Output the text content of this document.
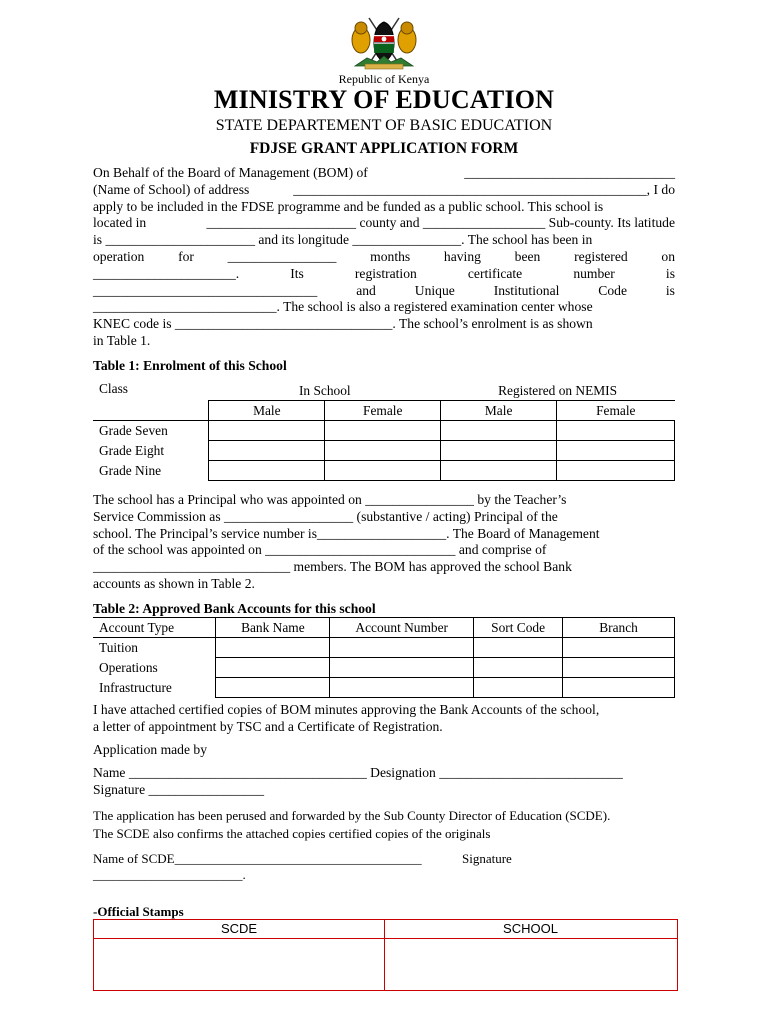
Republic of Kenya
MINISTRY OF EDUCATION
STATE DEPARTEMENT OF BASIC EDUCATION
FDJSE GRANT APPLICATION FORM
On Behalf of the Board of Management (BOM) of	_______________________________
(Name of School) of address	____________________________________________________, I do
apply to be included in the FDSE programme and be funded as a public school. This school is
located in	______________________ county and __________________ Sub-county. Its latitude
is ______________________ and its longitude ________________. The school has been in
operation for ________________ months having been registered on
_____________________.	Its	registration	certificate	number	is
_________________________________	and	Unique	Institutional	Code	is
___________________________. The school is also a registered examination center whose
KNEC code is ________________________________. The school’s enrolment is as shown
in Table 1.
Table 1: Enrolment of this School
Class	In School		Registered on NEMIS	
	Male	Female	Male	Female
Grade Seven				
Grade Eight				
Grade Nine				
The school has a Principal who was appointed on ________________ by the Teacher’s
Service Commission as ___________________ (substantive / acting) Principal of the
school. The Principal’s service number is___________________. The Board of Management
of the school was appointed on ____________________________ and comprise of
_____________________________ members. The BOM has approved the school Bank
accounts as shown in Table 2.
Table 2: Approved Bank Accounts for this school
Account Type	Bank Name	Account Number	Sort Code	Branch
Tuition				
Operations				
Infrastructure				
I have attached certified copies of BOM minutes approving the Bank Accounts of the school,
a letter of appointment by TSC and a Certificate of Registration.
Application made by
Name ___________________________________ Designation ___________________________
Signature _________________
The application has been perused and forwarded by the Sub County Director of Education (SCDE).
The SCDE also confirms the attached copies certified copies of the originals
Name of SCDE______________________________________	Signature
_______________________.
-Official Stamps
SCDE	SCHOOL
